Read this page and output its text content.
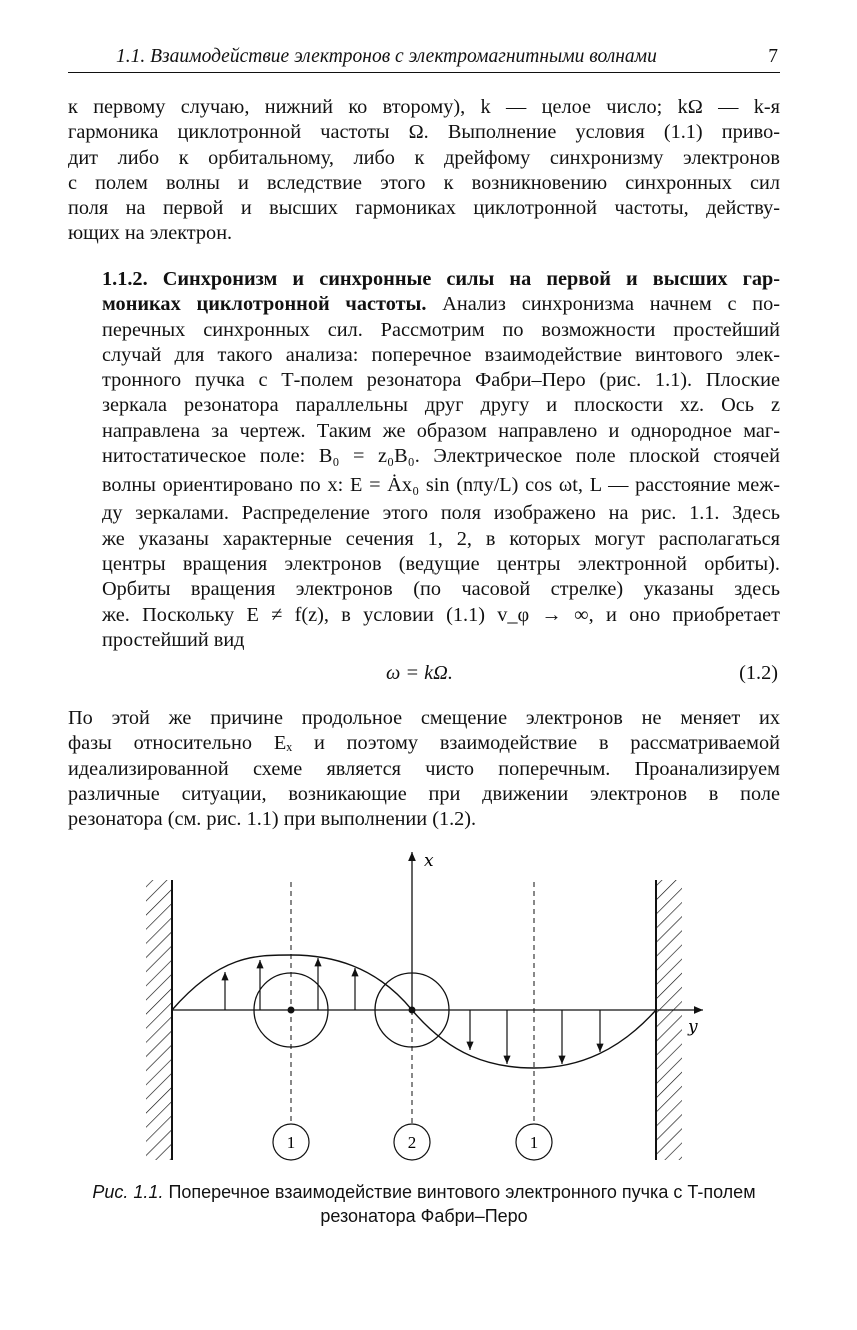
1.1. Взаимодействие электронов с электромагнитными волнами	7
к первому случаю, нижний ко второму), k — целое число; kΩ — k-я
гармоника циклотронной частоты Ω. Выполнение условия (1.1) приво-
дит либо к орбитальному, либо к дрейфому синхронизму электронов
с полем волны и вследствие этого к возникновению синхронных сил
поля на первой и высших гармониках циклотронной частоты, действу-
ющих на электрон.
1.1.2. Синхронизм и синхронные силы на первой и высших гар-
мониках циклотронной частоты. Анализ синхронизма начнем с по-
перечных синхронных сил. Рассмотрим по возможности простейший
случай для такого анализа: поперечное взаимодействие винтового элек-
тронного пучка с Т-полем резонатора Фабри–Перо (рис. 1.1). Плоские
зеркала резонатора параллельны друг другу и плоскости xz. Ось z
направлена за чертеж. Таким же образом направлено и однородное маг-
нитостатическое поле: B₀ = z₀B₀. Электрическое поле плоской стоячей
волны ориентировано по x: E = Ȧx₀ sin (nπy/L) cos ωt, L — расстояние меж-
ду зеркалами. Распределение этого поля изображено на рис. 1.1. Здесь
же указаны характерные сечения 1, 2, в которых могут располагаться
центры вращения электронов (ведущие центры электронной орбиты).
Орбиты вращения электронов (по часовой стрелке) указаны здесь
же. Поскольку E ≠ f(z), в условии (1.1) v_φ → ∞, и оно приобретает
простейший вид
ω = kΩ.	(1.2)
По этой же причине продольное смещение электронов не меняет их
фазы относительно Eₓ и поэтому взаимодействие в рассматриваемой
идеализированной схеме является чисто поперечным. Проанализируем
различные ситуации, возникающие при движении электронов в поле
резонатора (см. рис. 1.1) при выполнении (1.2).
y
x
1	2	1
Рис. 1.1. Поперечное взаимодействие винтового электронного пучка с T-полем
резонатора Фабри–Перо
